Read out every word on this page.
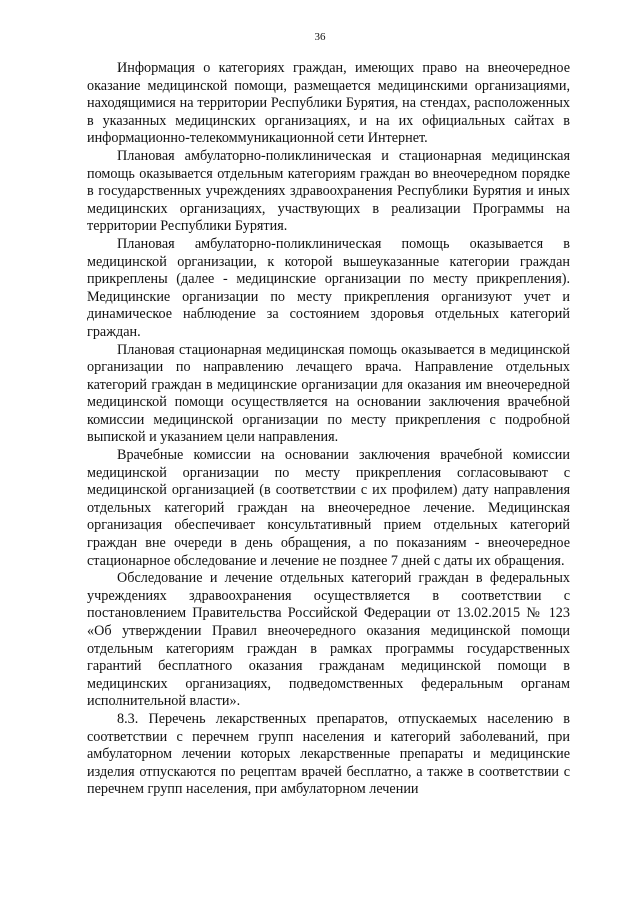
36

Информация о категориях граждан, имеющих право на внеочередное оказание медицинской помощи, размещается медицинскими организациями, находящимися на территории Республики Бурятия, на стендах, расположенных в указанных медицинских организациях, и на их официальных сайтах в информационно-телекоммуникационной сети Интернет.

Плановая амбулаторно-поликлиническая и стационарная медицинская помощь оказывается отдельным категориям граждан во внеочередном порядке в государственных учреждениях здравоохранения Республики Бурятия и иных медицинских организациях, участвующих в реализации Программы на территории Республики Бурятия.

Плановая амбулаторно-поликлиническая помощь оказывается в медицинской организации, к которой вышеуказанные категории граждан прикреплены (далее - медицинские организации по месту прикрепления). Медицинские организации по месту прикрепления организуют учет и динамическое наблюдение за состоянием здоровья отдельных категорий граждан.

Плановая стационарная медицинская помощь оказывается в медицинской организации по направлению лечащего врача. Направление отдельных категорий граждан в медицинские организации для оказания им внеочередной медицинской помощи осуществляется на основании заключения врачебной комиссии медицинской организации по месту прикрепления с подробной выпиской и указанием цели направления.

Врачебные комиссии на основании заключения врачебной комиссии медицинской организации по месту прикрепления согласовывают с медицинской организацией (в соответствии с их профилем) дату направления отдельных категорий граждан на внеочередное лечение. Медицинская организация обеспечивает консультативный прием отдельных категорий граждан вне очереди в день обращения, а по показаниям - внеочередное стационарное обследование и лечение не позднее 7 дней с даты их обращения.

Обследование и лечение отдельных категорий граждан в федеральных учреждениях здравоохранения осуществляется в соответствии с постановлением Правительства Российской Федерации от 13.02.2015 № 123 «Об утверждении Правил внеочередного оказания медицинской помощи отдельным категориям граждан в рамках программы государственных гарантий бесплатного оказания гражданам медицинской помощи в медицинских организациях, подведомственных федеральным органам исполнительной власти».

8.3. Перечень лекарственных препаратов, отпускаемых населению в соответствии с перечнем групп населения и категорий заболеваний, при амбулаторном лечении которых лекарственные препараты и медицинские изделия отпускаются по рецептам врачей бесплатно, а также в соответствии с перечнем групп населения, при амбулаторном лечении
